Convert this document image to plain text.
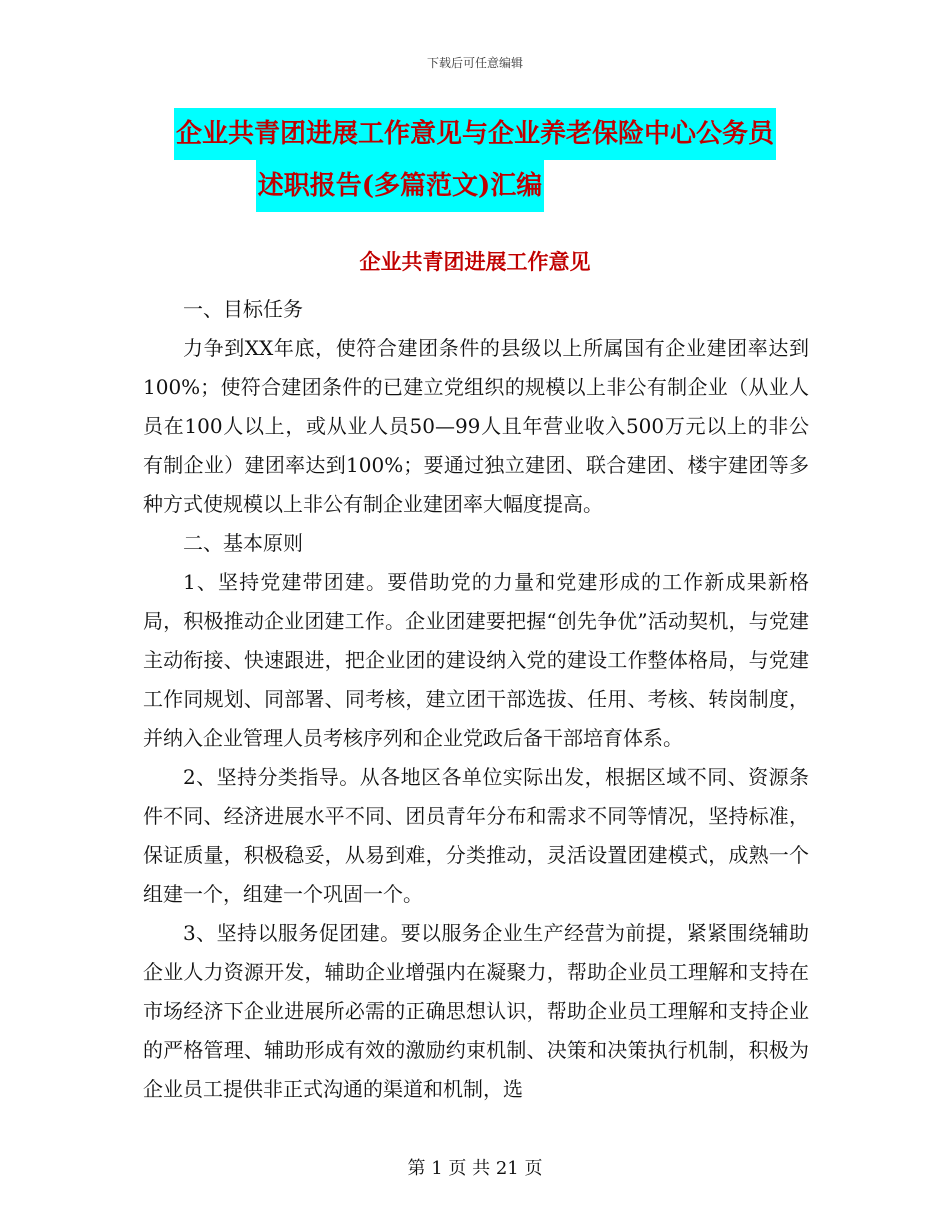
下载后可任意编辑
企业共青团进展工作意见与企业养老保险中心公务员
述职报告(多篇范文)汇编
企业共青团进展工作意见

一、目标任务

力争到XX年底，使符合建团条件的县级以上所属国有企业建团率达到100%；使符合建团条件的已建立党组织的规模以上非公有制企业（从业人员在100人以上，或从业人员50—99人且年营业收入500万元以上的非公有制企业）建团率达到100%；要通过独立建团、联合建团、楼宇建团等多种方式使规模以上非公有制企业建团率大幅度提高。

二、基本原则

1、坚持党建带团建。要借助党的力量和党建形成的工作新成果新格局，积极推动企业团建工作。企业团建要把握“创先争优”活动契机，与党建主动衔接、快速跟进，把企业团的建设纳入党的建设工作整体格局，与党建工作同规划、同部署、同考核，建立团干部选拔、任用、考核、转岗制度，并纳入企业管理人员考核序列和企业党政后备干部培育体系。

2、坚持分类指导。从各地区各单位实际出发，根据区域不同、资源条件不同、经济进展水平不同、团员青年分布和需求不同等情况，坚持标准，保证质量，积极稳妥，从易到难，分类推动，灵活设置团建模式，成熟一个组建一个，组建一个巩固一个。

3、坚持以服务促团建。要以服务企业生产经营为前提，紧紧围绕辅助企业人力资源开发，辅助企业增强内在凝聚力，帮助企业员工理解和支持在市场经济下企业进展所必需的正确思想认识，帮助企业员工理解和支持企业的严格管理、辅助形成有效的激励约束机制、决策和决策执行机制，积极为企业员工提供非正式沟通的渠道和机制，选

第 1 页 共 21 页
